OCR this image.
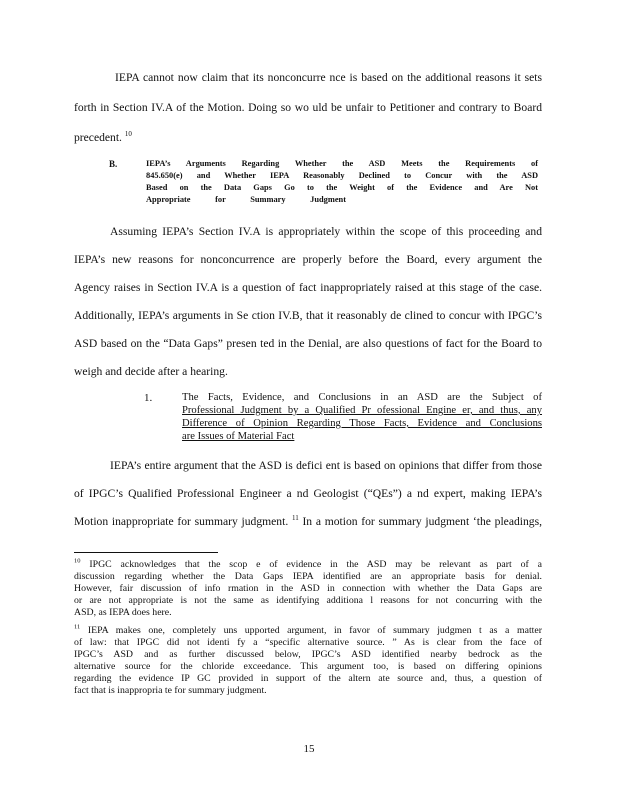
IEPA cannot now claim that its nonconcurre nce is based on the additional reasons it sets
forth in Section IV.A of the Motion. Doing so wo uld be unfair to Petitioner and contrary to Board
precedent. $^{10}$
B.	IEPA’s Arguments Regarding Whether the ASD Meets the Requirements of
845.650(e) and Whether IEPA Reasonably Declined to Concur with the ASD
Based on the Data Gaps Go to the Weight of the Evidence and Are Not
Appropriate for Summary Judgment
Assuming IEPA’s Section IV.A is appropriately within the scope of this proceeding and
IEPA’s new reasons for nonconcurrence are properly before the Board, every argument the
Agency raises in Section IV.A is a question of fact inappropriately raised at this stage of the case.
Additionally, IEPA’s arguments in Se ction IV.B, that it reasonably de clined to concur with IPGC’s
ASD based on the “Data Gaps” presen ted in the Denial, are also questions of fact for the Board to
weigh and decide after a hearing.
1.	The Facts, Evidence, and Conclusions in an ASD are the Subject of
Professional Judgment by a Qualified Pr ofessional Engine er, and thus, any
Difference of Opinion Regarding Those Facts, Evidence and Conclusions
are Issues of Material Fact
IEPA’s entire argument that the ASD is defici ent is based on opinions that differ from those
of IPGC’s Qualified Professional Engineer a nd Geologist (“QEs”) a nd expert, making IEPA’s
Motion inappropriate for summary judgment. $^{11}$ In a motion for summary judgment ‘the pleadings,
$^{10}$ IPGC acknowledges that the scop e of evidence in the ASD may be relevant as part of a
discussion regarding whether the Data Gaps IEPA identified are an appropriate basis for denial.
However, fair discussion of info rmation in the ASD in connection with whether the Data Gaps are
or are not appropriate is not the same as identifying additiona l reasons for not concurring with the
ASD, as IEPA does here.
$^{11}$ IEPA makes one, completely uns upported argument, in favor of summary judgmen t as a matter
of law: that IPGC did not identi fy a “specific alternative source. ” As is clear from the face of
IPGC’s ASD and as further discussed below, IPGC’s ASD identified nearby bedrock as the
alternative source for the chloride exceedance. This argument too, is based on differing opinions
regarding the evidence IP GC provided in support of the altern ate source and, thus, a question of
fact that is inappropria te for summary judgment.
15
